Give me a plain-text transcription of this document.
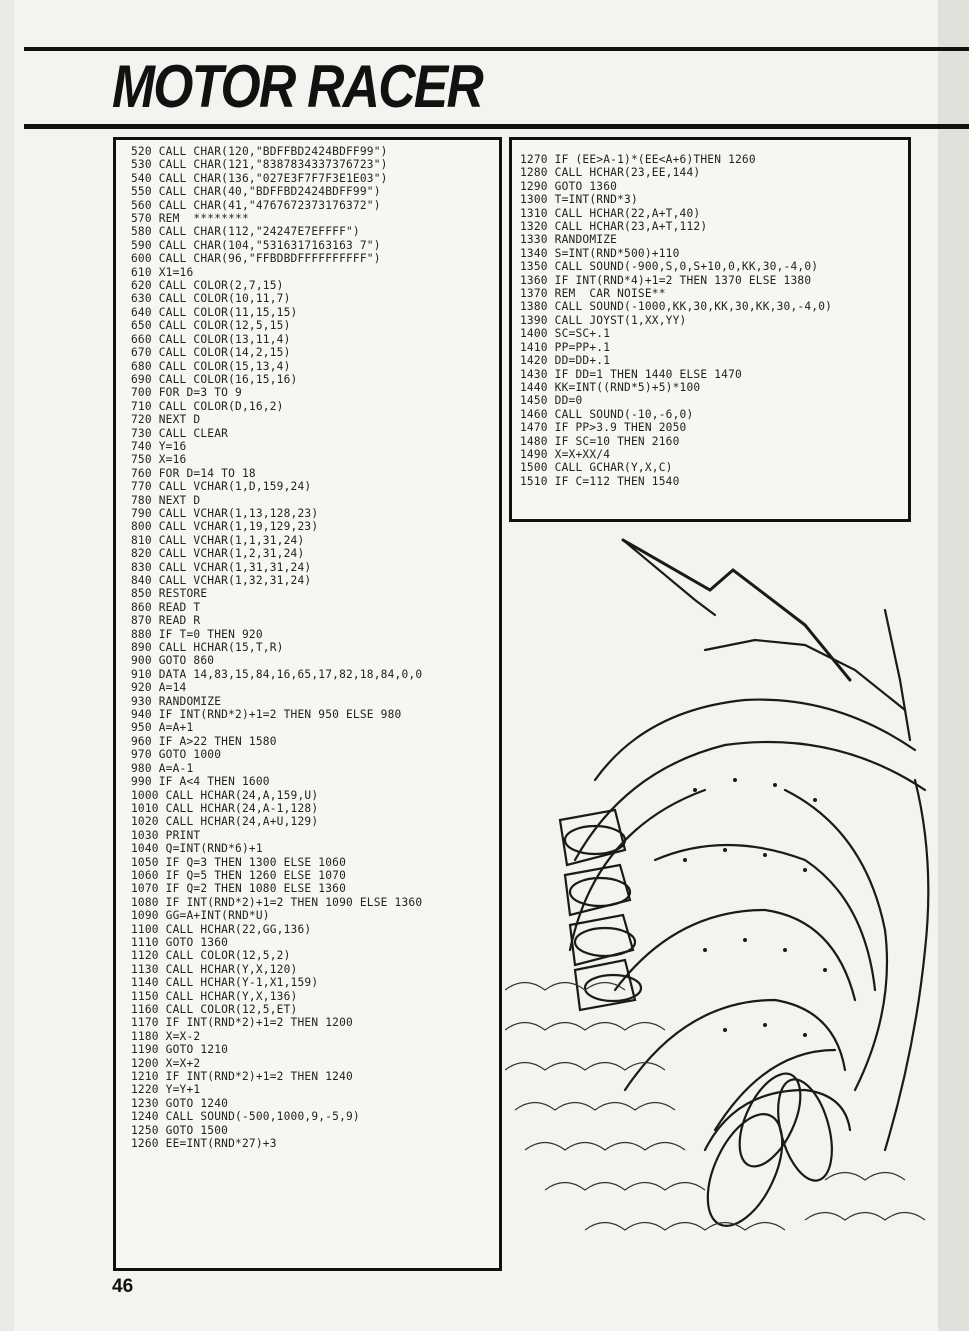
MOTOR RACER
520 CALL CHAR(120,"BDFFBD2424BDFF99")
530 CALL CHAR(121,"8387834337376723")
540 CALL CHAR(136,"027E3F7F7F3E1E03")
550 CALL CHAR(40,"BDFFBD2424BDFF99")
560 CALL CHAR(41,"4767672373176372")
570 REM  ********
580 CALL CHAR(112,"24247E7EFFFF")
590 CALL CHAR(104,"5316317163163 7")
600 CALL CHAR(96,"FFBDBDFFFFFFFFFF")
610 X1=16
620 CALL COLOR(2,7,15)
630 CALL COLOR(10,11,7)
640 CALL COLOR(11,15,15)
650 CALL COLOR(12,5,15)
660 CALL COLOR(13,11,4)
670 CALL COLOR(14,2,15)
680 CALL COLOR(15,13,4)
690 CALL COLOR(16,15,16)
700 FOR D=3 TO 9
710 CALL COLOR(D,16,2)
720 NEXT D
730 CALL CLEAR
740 Y=16
750 X=16
760 FOR D=14 TO 18
770 CALL VCHAR(1,D,159,24)
780 NEXT D
790 CALL VCHAR(1,13,128,23)
800 CALL VCHAR(1,19,129,23)
810 CALL VCHAR(1,1,31,24)
820 CALL VCHAR(1,2,31,24)
830 CALL VCHAR(1,31,31,24)
840 CALL VCHAR(1,32,31,24)
850 RESTORE
860 READ T
870 READ R
880 IF T=0 THEN 920
890 CALL HCHAR(15,T,R)
900 GOTO 860
910 DATA 14,83,15,84,16,65,17,82,18,84,0,0
920 A=14
930 RANDOMIZE
940 IF INT(RND*2)+1=2 THEN 950 ELSE 980
950 A=A+1
960 IF A>22 THEN 1580
970 GOTO 1000
980 A=A-1
990 IF A<4 THEN 1600
1000 CALL HCHAR(24,A,159,U)
1010 CALL HCHAR(24,A-1,128)
1020 CALL HCHAR(24,A+U,129)
1030 PRINT
1040 Q=INT(RND*6)+1
1050 IF Q=3 THEN 1300 ELSE 1060
1060 IF Q=5 THEN 1260 ELSE 1070
1070 IF Q=2 THEN 1080 ELSE 1360
1080 IF INT(RND*2)+1=2 THEN 1090 ELSE 1360
1090 GG=A+INT(RND*U)
1100 CALL HCHAR(22,GG,136)
1110 GOTO 1360
1120 CALL COLOR(12,5,2)
1130 CALL HCHAR(Y,X,120)
1140 CALL HCHAR(Y-1,X1,159)
1150 CALL HCHAR(Y,X,136)
1160 CALL COLOR(12,5,ET)
1170 IF INT(RND*2)+1=2 THEN 1200
1180 X=X-2
1190 GOTO 1210
1200 X=X+2
1210 IF INT(RND*2)+1=2 THEN 1240
1220 Y=Y+1
1230 GOTO 1240
1240 CALL SOUND(-500,1000,9,-5,9)
1250 GOTO 1500
1260 EE=INT(RND*27)+3
1270 IF (EE>A-1)*(EE<A+6)THEN 1260
1280 CALL HCHAR(23,EE,144)
1290 GOTO 1360
1300 T=INT(RND*3)
1310 CALL HCHAR(22,A+T,40)
1320 CALL HCHAR(23,A+T,112)
1330 RANDOMIZE
1340 S=INT(RND*500)+110
1350 CALL SOUND(-900,S,0,S+10,0,KK,30,-4,0)
1360 IF INT(RND*4)+1=2 THEN 1370 ELSE 1380
1370 REM  CAR NOISE**
1380 CALL SOUND(-1000,KK,30,KK,30,KK,30,-4,0)
1390 CALL JOYST(1,XX,YY)
1400 SC=SC+.1
1410 PP=PP+.1
1420 DD=DD+.1
1430 IF DD=1 THEN 1440 ELSE 1470
1440 KK=INT((RND*5)+5)*100
1450 DD=0
1460 CALL SOUND(-10,-6,0)
1470 IF PP>3.9 THEN 2050
1480 IF SC=10 THEN 2160
1490 X=X+XX/4
1500 CALL GCHAR(Y,X,C)
1510 IF C=112 THEN 1540
46
